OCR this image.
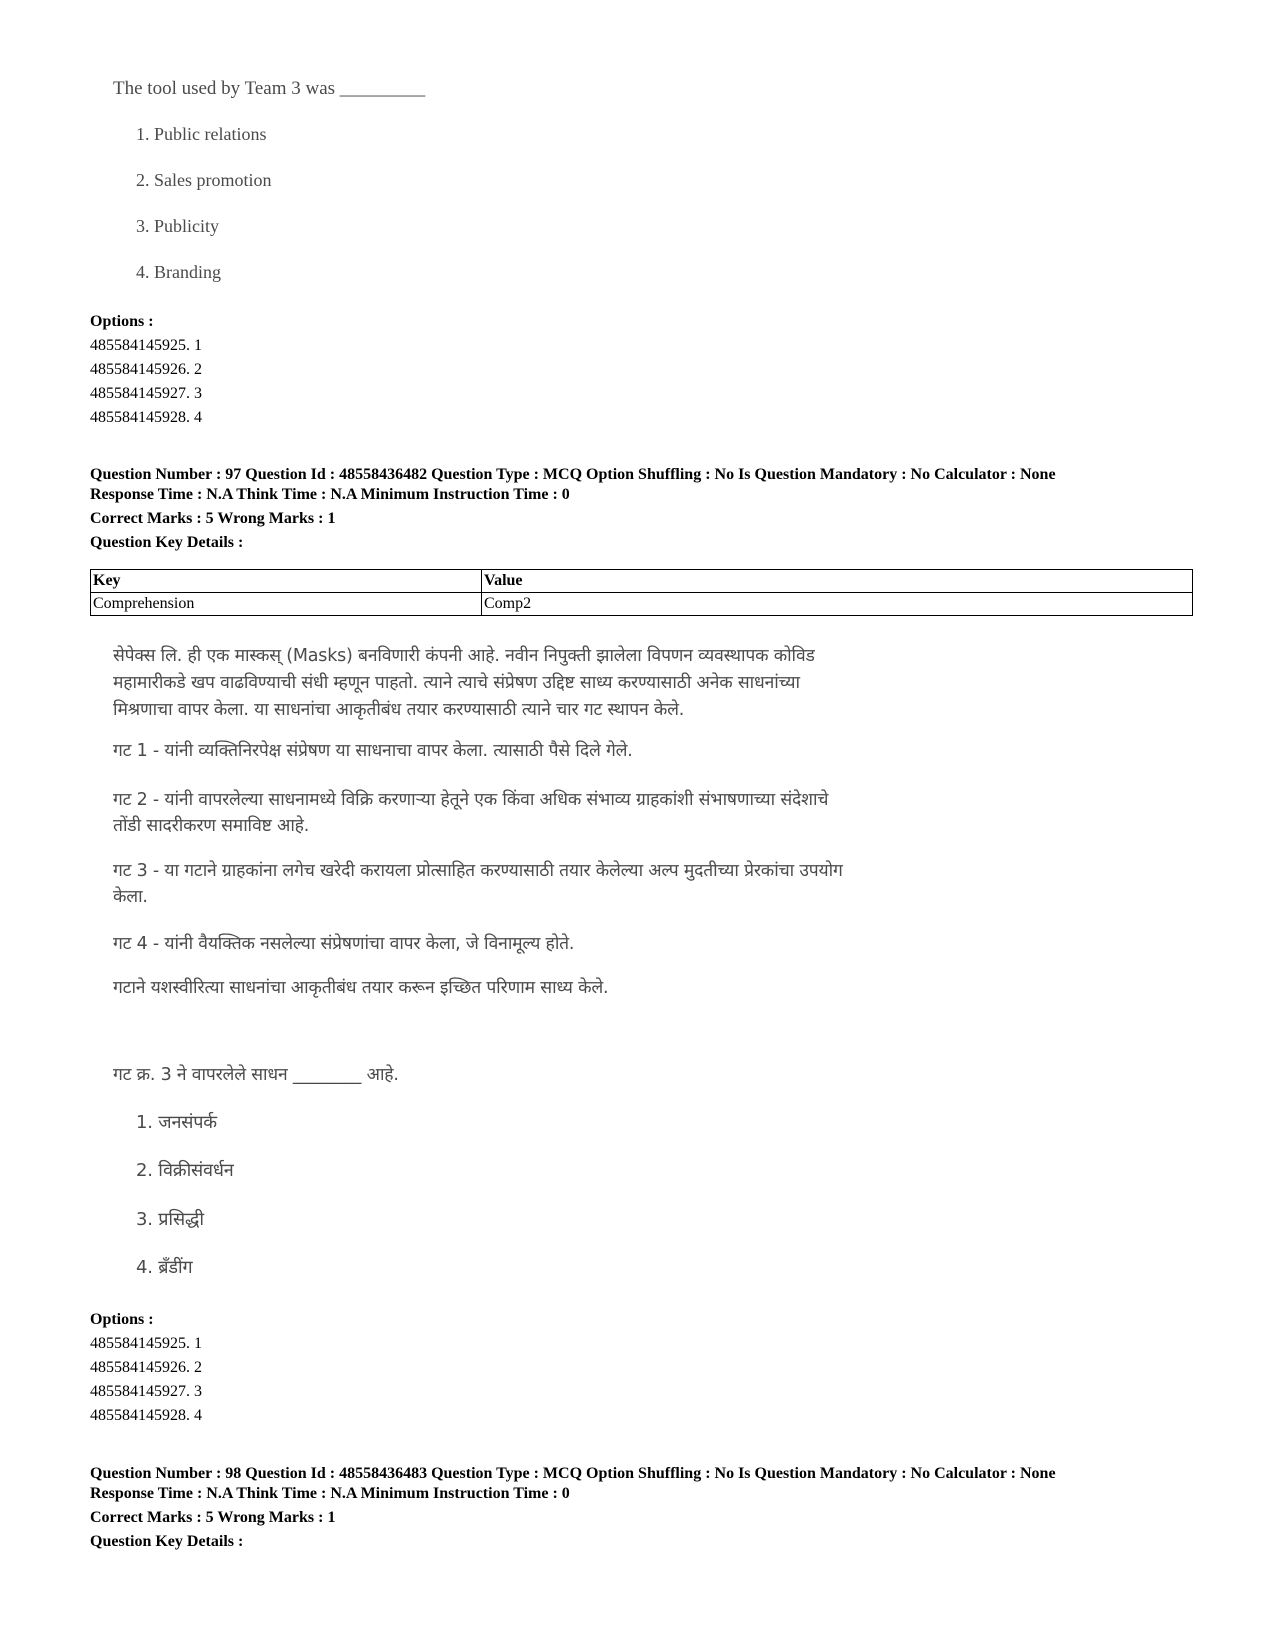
The tool used by Team 3 was _________
1. Public relations
2. Sales promotion
3. Publicity
4. Branding
Options :
485584145925. 1
485584145926. 2
485584145927. 3
485584145928. 4
Question Number : 97 Question Id : 48558436482 Question Type : MCQ Option Shuffling : No Is Question Mandatory : No Calculator : None
Response Time : N.A Think Time : N.A Minimum Instruction Time : 0
Correct Marks : 5 Wrong Marks : 1
Question Key Details :
Key	Value
Comprehension	Comp2
सेपेक्स लि. ही एक मास्कस् (Masks) बनविणारी कंपनी आहे. नवीन निपुक्ती झालेला विपणन व्यवस्थापक कोविड
महामारीकडे खप वाढविण्याची संधी म्हणून पाहतो. त्याने त्याचे संप्रेषण उद्दिष्ट साध्य करण्यासाठी अनेक साधनांच्या
मिश्रणाचा वापर केला. या साधनांचा आकृतीबंध तयार करण्यासाठी त्याने चार गट स्थापन केले.
गट 1 - यांनी व्यक्तिनिरपेक्ष संप्रेषण या साधनाचा वापर केला. त्यासाठी पैसे दिले गेले.
गट 2 - यांनी वापरलेल्या साधनामध्ये विक्रि करणाऱ्या हेतूने एक किंवा अधिक संभाव्य ग्राहकांशी संभाषणाच्या संदेशाचे
तोंडी सादरीकरण समाविष्ट आहे.
गट 3 - या गटाने ग्राहकांना लगेच खरेदी करायला प्रोत्साहित करण्यासाठी तयार केलेल्या अल्प मुदतीच्या प्रेरकांचा उपयोग
केला.
गट 4 - यांनी वैयक्तिक नसलेल्या संप्रेषणांचा वापर केला, जे विनामूल्य होते.
गटाने यशस्वीरित्या साधनांचा आकृतीबंध तयार करून इच्छित परिणाम साध्य केले.
गट क्र. 3 ने वापरलेले साधन ________ आहे.
1. जनसंपर्क
2. विक्रीसंवर्धन
3. प्रसिद्धी
4. ब्रँडींग
Options :
485584145925. 1
485584145926. 2
485584145927. 3
485584145928. 4
Question Number : 98 Question Id : 48558436483 Question Type : MCQ Option Shuffling : No Is Question Mandatory : No Calculator : None
Response Time : N.A Think Time : N.A Minimum Instruction Time : 0
Correct Marks : 5 Wrong Marks : 1
Question Key Details :
